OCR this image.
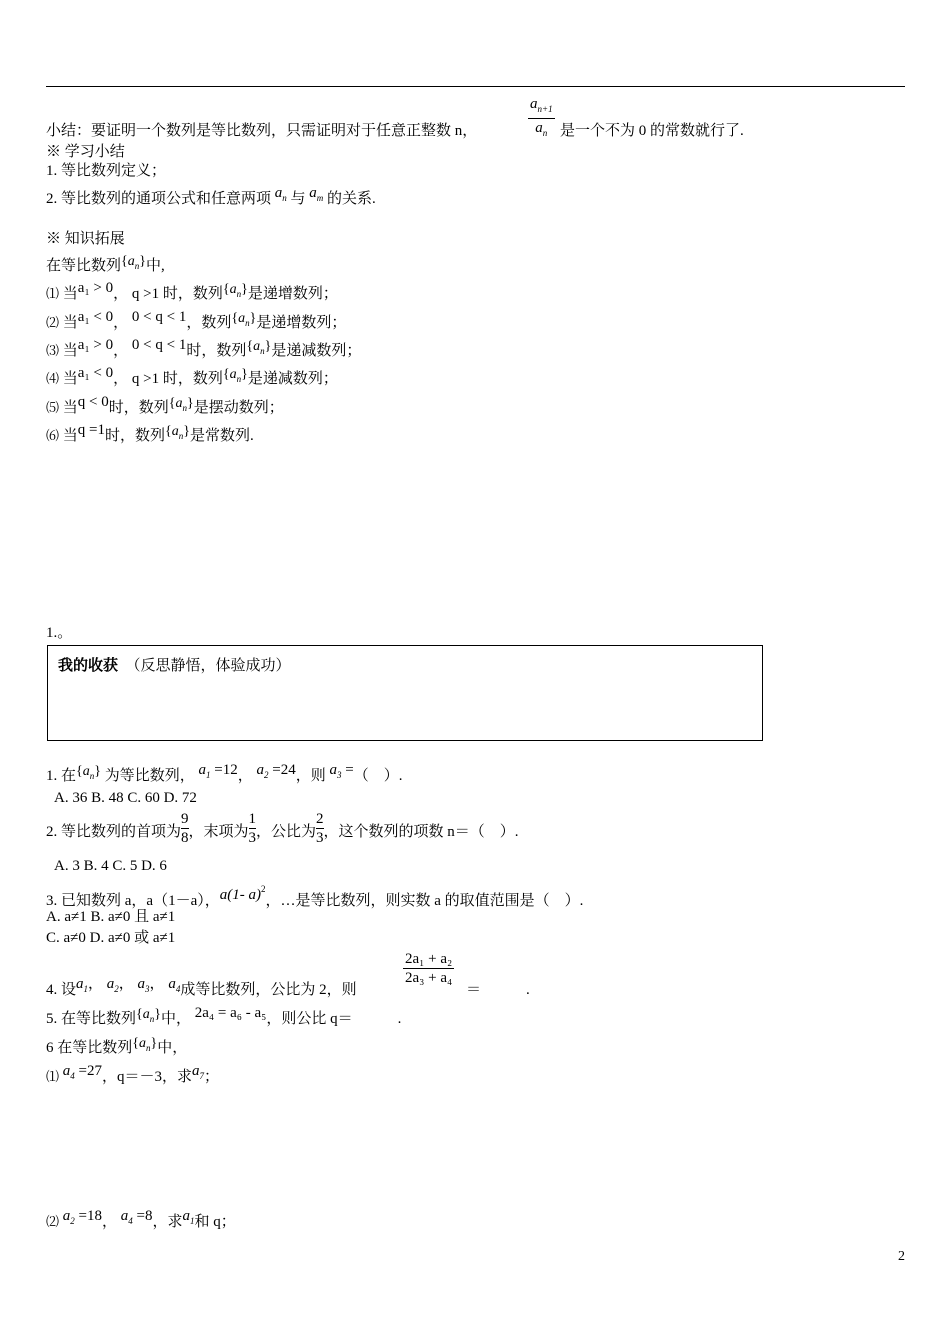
$\frac{a_{n+1}}{a_n}$
小结：要证明一个数列是等比数列，只需证明对于任意正整数 n，	是一个不为 0 的常数就行了.
※ 学习小结
1. 等比数列定义；
2. 等比数列的通项公式和任意两项 $a_n$ 与 $a_m$ 的关系.
※ 知识拓展
在等比数列$\{a_n\}$中,
⑴ 当a₁ > 0， q >1 时，数列$\{a_n\}$是递增数列；
⑵ 当a₁ < 0， 0 < q < 1，数列$\{a_n\}$是递增数列；
⑶ 当a₁ > 0， 0 < q < 1时，数列$\{a_n\}$是递减数列；
⑷ 当a₁ < 0， q >1 时，数列$\{a_n\}$是递减数列；
⑸ 当q < 0时，数列$\{a_n\}$是摆动数列；
⑹ 当q =1时，数列$\{a_n\}$是常数列.
1.。
我的收获 （反思静悟，体验成功）
1. 在$\{a_n\}$ 为等比数列， $a_1 =12$， $a_2 =24$，则 $a_3$ =（　）.
A. 36 B. 48 C. 60 D. 72
2. 等比数列的首项为 $\frac{9}{8}$ ，末项为 $\frac{1}{3}$ ，公比为 $\frac{2}{3}$ ，这个数列的项数 n＝（　）.
A. 3 B. 4 C. 5 D. 6
3. 已知数列 a，a（1－a），a(1- a)$^2$，…是等比数列，则实数 a 的取值范围是（　）.
A. a≠1 B. a≠0 且 a≠1
C. a≠0 D. a≠0 或 a≠1
$\frac{\text{2a₁ + a₂}}{\text{2a₃ + a₄}}$
4. 设$a_1$， $a_2$， $a_3$， $a_4$成等比数列，公比为 2，则	＝　　　.
5. 在等比数列$\{a_n\}$中， 2a₄ = a₆ - a₅，则公比 q＝　　　.
6 在等比数列$\{a_n\}$中，
⑴ $a_4 =27$，q＝－3，求$a_7$；
⑵ $a_2 =18$， $a_4 =8$，求$a_1$和 q；
2
